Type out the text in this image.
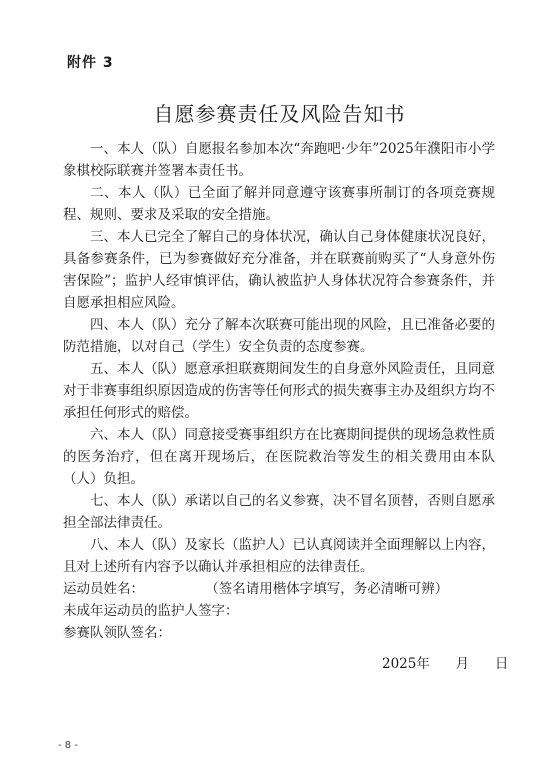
附件 3
自愿参赛责任及风险告知书

一、本人（队）自愿报名参加本次“奔跑吧·少年”2025年濮阳市小学象棋校际联赛并签署本责任书。

二、本人（队）已全面了解并同意遵守该赛事所制订的各项竞赛规程、规则、要求及采取的安全措施。

三、本人已完全了解自己的身体状况，确认自己身体健康状况良好，具备参赛条件，已为参赛做好充分准备，并在联赛前购买了“人身意外伤害保险”；监护人经审慎评估，确认被监护人身体状况符合参赛条件，并自愿承担相应风险。

四、本人（队）充分了解本次联赛可能出现的风险，且已准备必要的防范措施，以对自己（学生）安全负责的态度参赛。

五、本人（队）愿意承担联赛期间发生的自身意外风险责任，且同意对于非赛事组织原因造成的伤害等任何形式的损失赛事主办及组织方均不承担任何形式的赔偿。

六、本人（队）同意接受赛事组织方在比赛期间提供的现场急救性质的医务治疗，但在离开现场后，在医院救治等发生的相关费用由本队（人）负担。

七、本人（队）承诺以自己的名义参赛，决不冒名顶替，否则自愿承担全部法律责任。

八、本人（队）及家长（监护人）已认真阅读并全面理解以上内容，且对上述所有内容予以确认并承担相应的法律责任。

运动员姓名：	（签名请用楷体字填写，务必清晰可辨）

未成年运动员的监护人签字：

参赛队领队签名：

2025年 月 日
- 8 -
